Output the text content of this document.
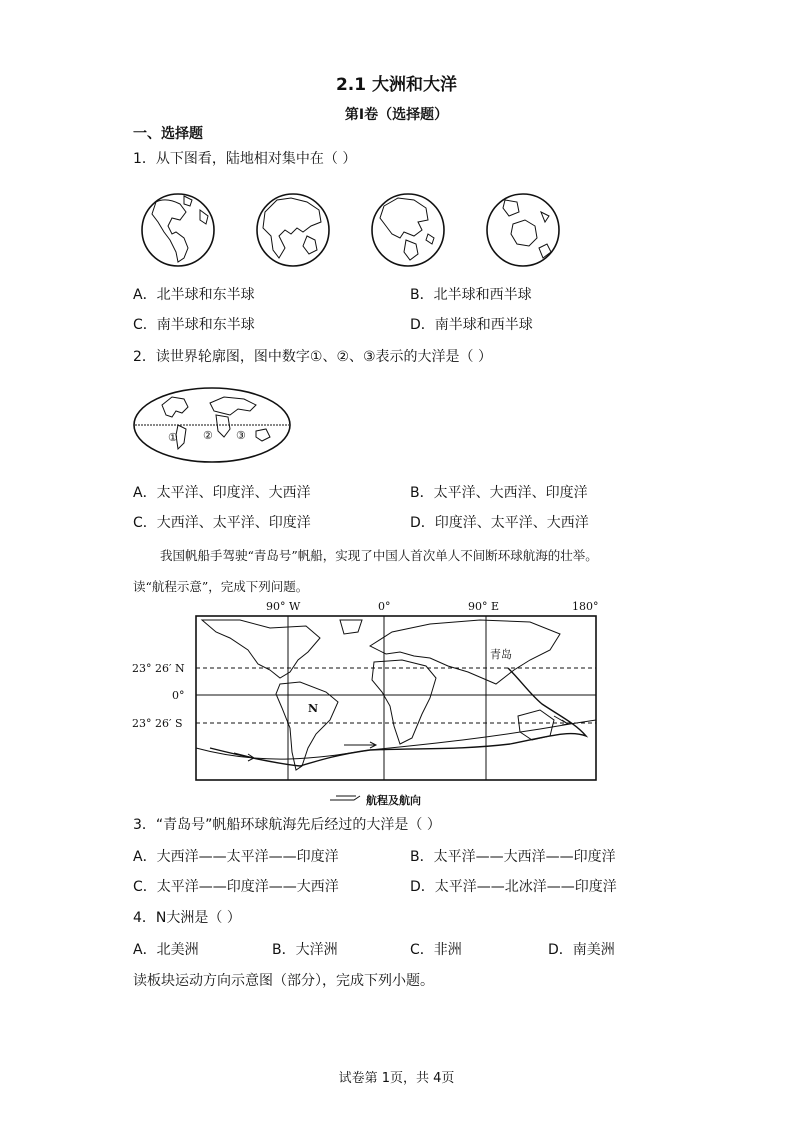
2.1 大洲和大洋
第Ⅰ卷（选择题）
一、选择题
1．从下图看，陆地相对集中在（ ）
A．北半球和东半球	B．北半球和西半球
C．南半球和东半球	D．南半球和西半球
2．读世界轮廓图，图中数字①、②、③表示的大洋是（ ）
① ② ③
A．太平洋、印度洋、大西洋	B．太平洋、大西洋、印度洋
C．大西洋、太平洋、印度洋	D．印度洋、太平洋、大西洋
我国帆船手驾驶“青岛号”帆船，实现了中国人首次单人不间断环球航海的壮举。
读“航程示意”，完成下列问题。
90° W	0°	90° E	180°
23° 26′ N
0°
23° 26′ S
N
青岛
航程及航向
3．“青岛号”帆船环球航海先后经过的大洋是（ ）
A．大西洋——太平洋——印度洋	B．太平洋——大西洋——印度洋
C．太平洋——印度洋——大西洋	D．太平洋——北冰洋——印度洋
4．N大洲是（ ）
A．北美洲	B．大洋洲	C．非洲	D．南美洲
读板块运动方向示意图（部分），完成下列小题。
试卷第 1页，共 4页
